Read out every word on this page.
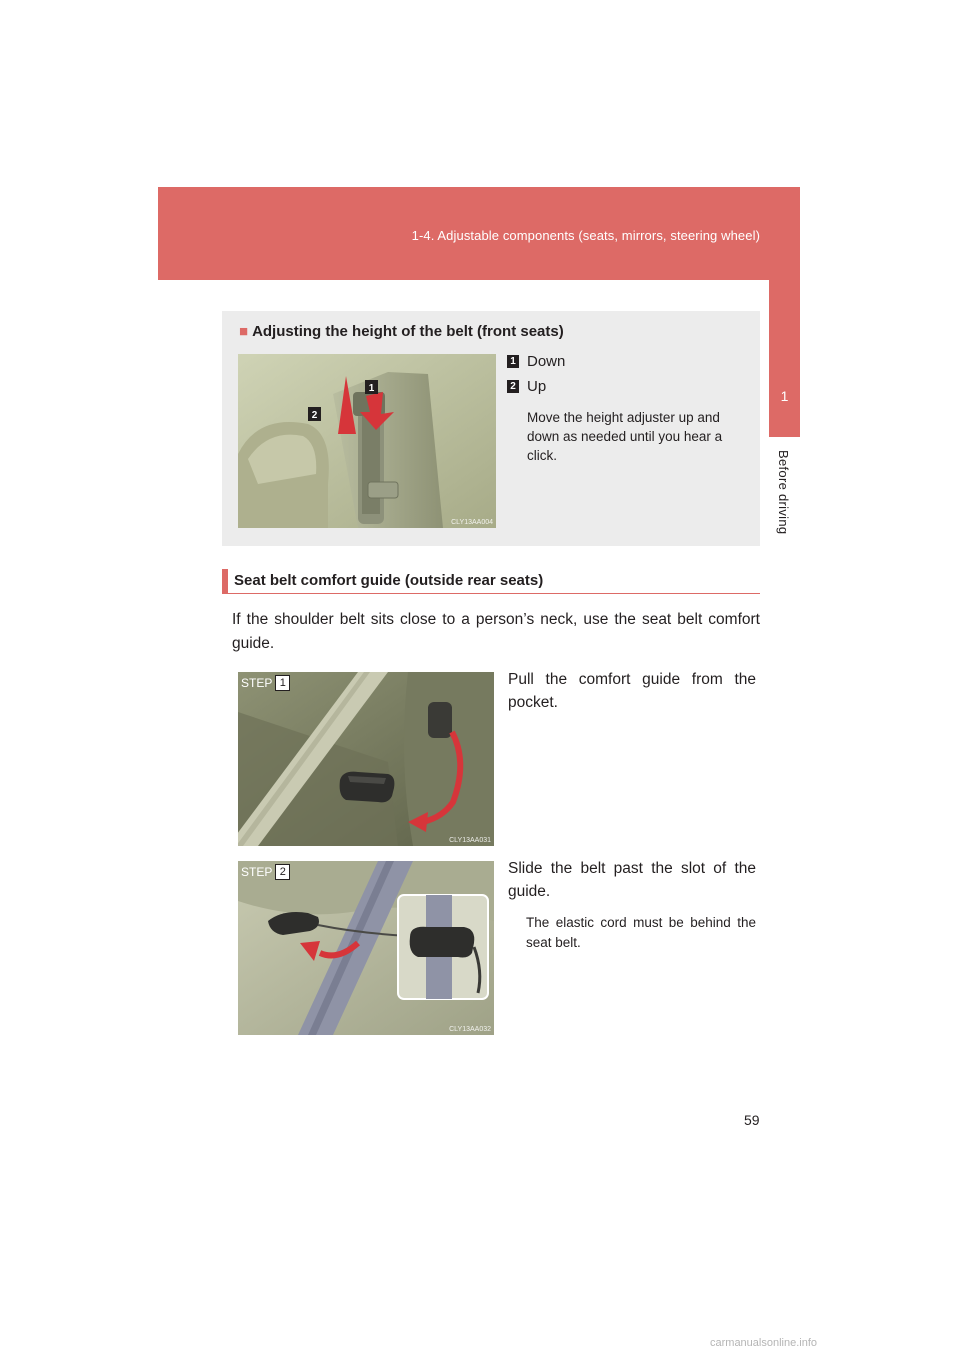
1-4. Adjustable components (seats, mirrors, steering wheel)
1
Before driving
■ Adjusting the height of the belt (front seats)
2
1
CLY13AA004
1 Down
2 Up
Move the height adjuster up and down as needed until you hear a click.
Seat belt comfort guide (outside rear seats)
If the shoulder belt sits close to a person’s neck, use the seat belt comfort guide.
STEP 1
CLY13AA031
Pull the comfort guide from the pocket.
STEP 2
CLY13AA032
Slide the belt past the slot of the guide.
The elastic cord must be behind the seat belt.
59
carmanualsonline.info
